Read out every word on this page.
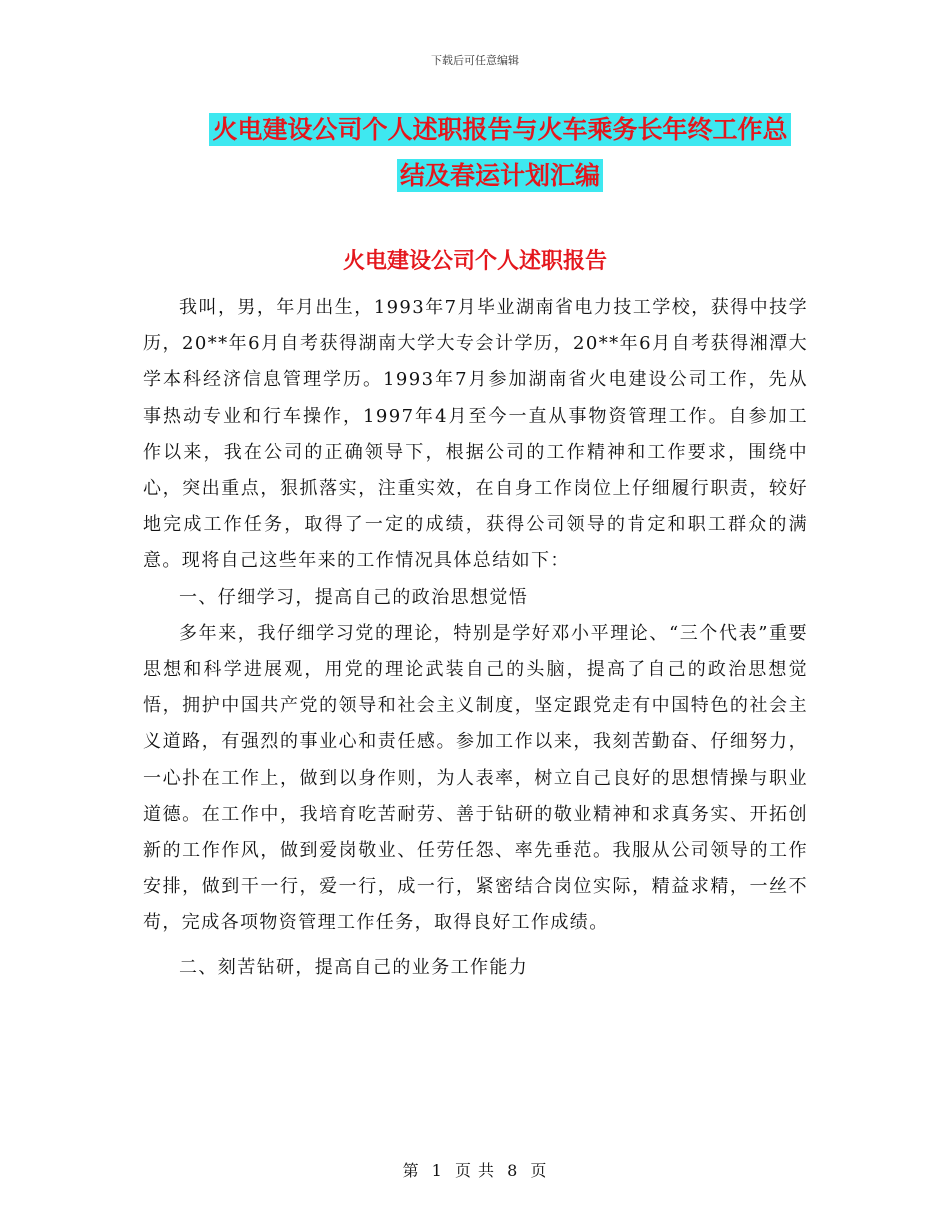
下载后可任意编辑
火电建设公司个人述职报告与火车乘务长年终工作总
结及春运计划汇编
火电建设公司个人述职报告

我叫，男，年月出生，1993年7月毕业湖南省电力技工学校，获得中技学历，20**年6月自考获得湖南大学大专会计学历，20**年6月自考获得湘潭大学本科经济信息管理学历。1993年7月参加湖南省火电建设公司工作，先从事热动专业和行车操作，1997年4月至今一直从事物资管理工作。自参加工作以来，我在公司的正确领导下，根据公司的工作精神和工作要求，围绕中心，突出重点，狠抓落实，注重实效，在自身工作岗位上仔细履行职责，较好地完成工作任务，取得了一定的成绩，获得公司领导的肯定和职工群众的满意。现将自己这些年来的工作情况具体总结如下：

一、仔细学习，提高自己的政治思想觉悟

多年来，我仔细学习党的理论，特别是学好邓小平理论、“三个代表”重要思想和科学进展观，用党的理论武装自己的头脑，提高了自己的政治思想觉悟，拥护中国共产党的领导和社会主义制度，坚定跟党走有中国特色的社会主义道路，有强烈的事业心和责任感。参加工作以来，我刻苦勤奋、仔细努力，一心扑在工作上，做到以身作则，为人表率，树立自己良好的思想情操与职业道德。在工作中，我培育吃苦耐劳、善于钻研的敬业精神和求真务实、开拓创新的工作作风，做到爱岗敬业、任劳任怨、率先垂范。我服从公司领导的工作安排，做到干一行，爱一行，成一行，紧密结合岗位实际，精益求精，一丝不苟，完成各项物资管理工作任务，取得良好工作成绩。

二、刻苦钻研，提高自己的业务工作能力

第 1 页 共 8 页
